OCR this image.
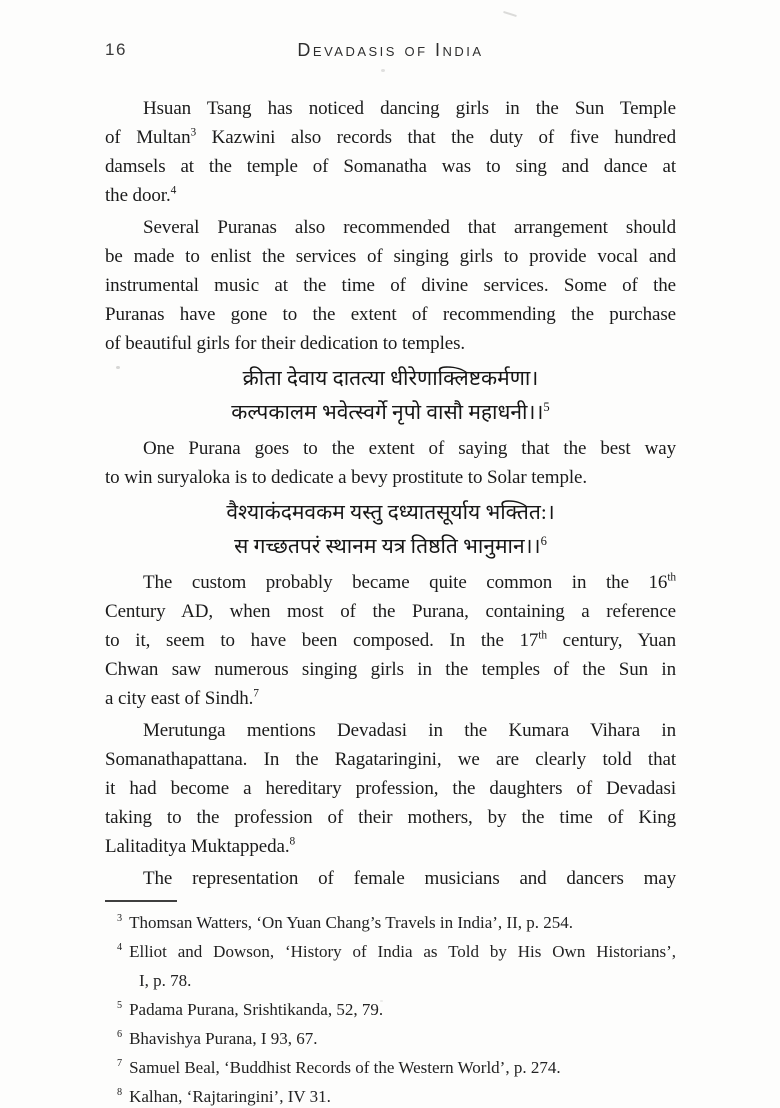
16	Devadasis of India
Hsuan Tsang has noticed dancing girls in the Sun Temple
of Multan$^3$ Kazwini also records that the duty of five hundred
damsels at the temple of Somanatha was to sing and dance at
the door.$^4$
Several Puranas also recommended that arrangement should
be made to enlist the services of singing girls to provide vocal and
instrumental music at the time of divine services. Some of the
Puranas have gone to the extent of recommending the purchase
of beautiful girls for their dedication to temples.
क्रीता देवाय दातत्या धीरेणाक्लिष्टकर्मणा।
कल्पकालम भवेत्स्वर्गे नृपो वासौ महाधनी।।$^5$
One Purana goes to the extent of saying that the best way
to win suryaloka is to dedicate a bevy prostitute to Solar temple.
वैश्याकंदमवकम यस्तु दध्यातसूर्याय भक्तित:।
स गच्छतपरं स्थानम यत्र तिष्ठति भानुमान।।$^6$
The custom probably became quite common in the 16th
Century AD, when most of the Purana, containing a reference
to it, seem to have been composed. In the 17th century, Yuan
Chwan saw numerous singing girls in the temples of the Sun in
a city east of Sindh.$^7$
Merutunga mentions Devadasi in the Kumara Vihara in
Somanathapattana. In the Ragataringini, we are clearly told that
it had become a hereditary profession, the daughters of Devadasi
taking to the profession of their mothers, by the time of King
Lalitaditya Muktappeda.$^8$
The representation of female musicians and dancers may
$^3$ Thomsan Watters, ‘On Yuan Chang’s Travels in India’, II, p. 254.
$^4$ Elliot and Dowson, ‘History of India as Told by His Own Historians’,
I, p. 78.
$^5$ Padama Purana, Srishtikanda, 52, 79.
$^6$ Bhavishya Purana, I 93, 67.
$^7$ Samuel Beal, ‘Buddhist Records of the Western World’, p. 274.
$^8$ Kalhan, ‘Rajtaringini’, IV 31.
